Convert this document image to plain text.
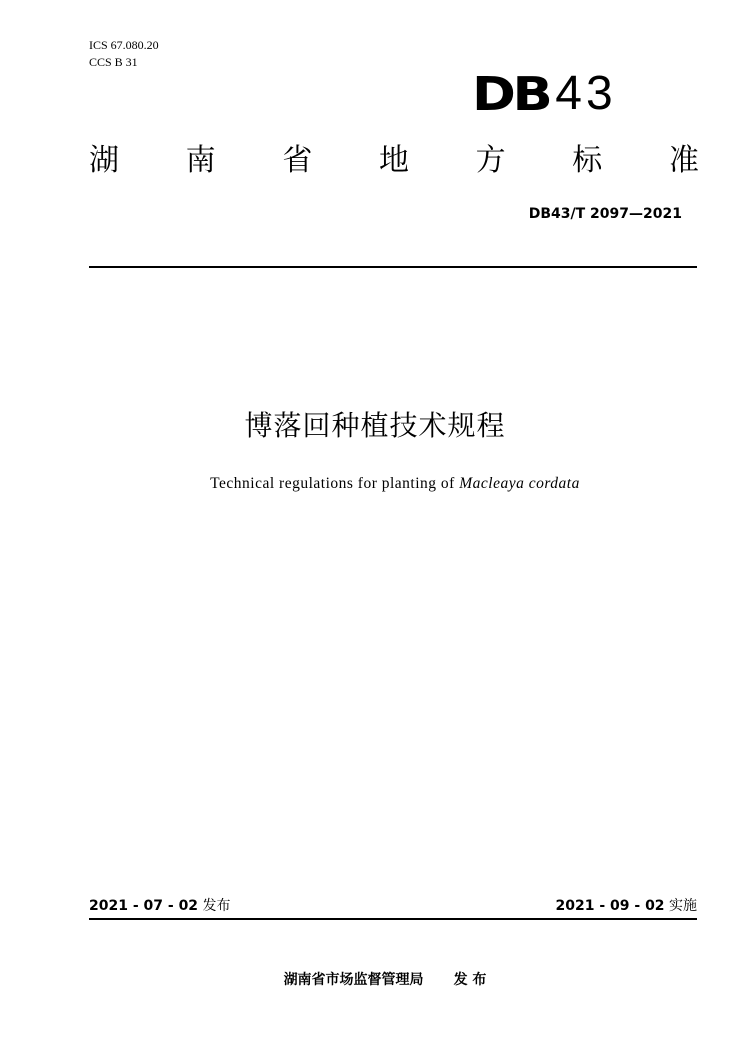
ICS 67.080.20
CCS B 31
DB 43
湖 南 省 地 方 标 准
DB43/T 2097—2021
博落回种植技术规程
Technical regulations for planting of Macleaya cordata
2021 - 07 - 02 发布	2021 - 09 - 02 实施
湖南省市场监督管理局 发 布
